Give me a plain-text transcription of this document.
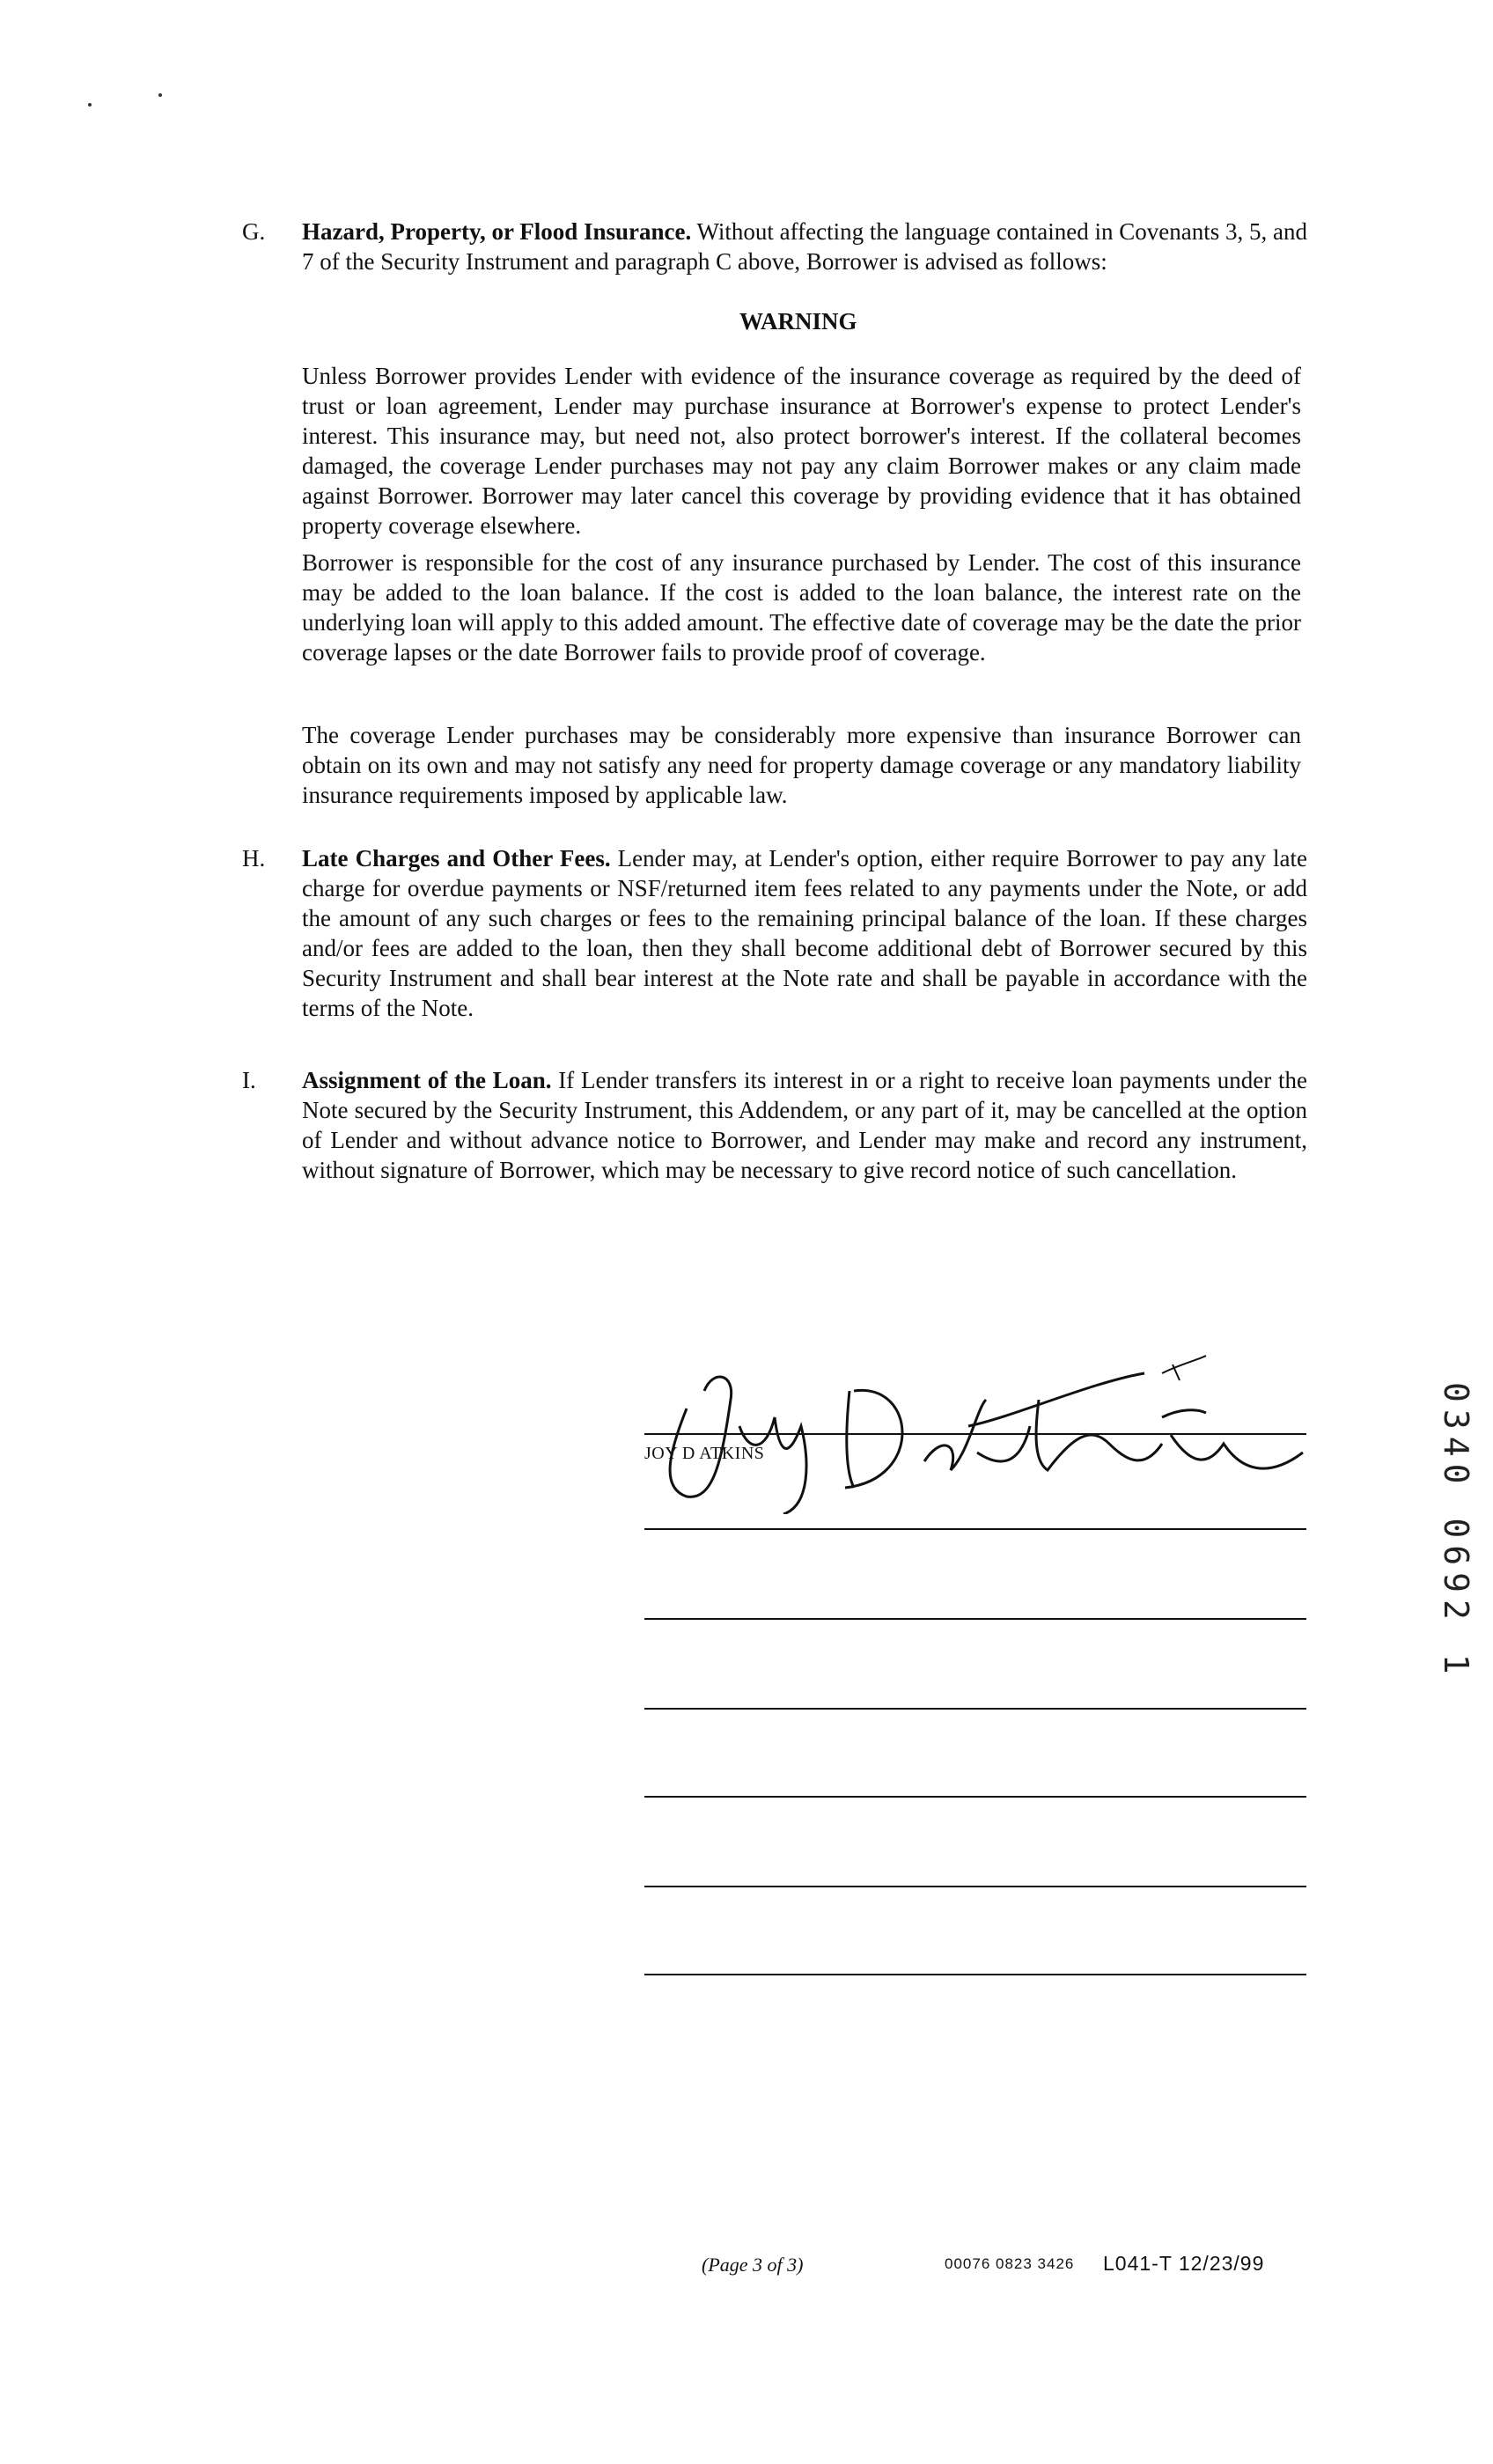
G.	Hazard, Property, or Flood Insurance. Without affecting the language contained in Covenants 3, 5, and 7 of the Security Instrument and paragraph C above, Borrower is advised as follows:
WARNING
Unless Borrower provides Lender with evidence of the insurance coverage as required by the deed of trust or loan agreement, Lender may purchase insurance at Borrower's expense to protect Lender's interest. This insurance may, but need not, also protect borrower's interest. If the collateral becomes damaged, the coverage Lender purchases may not pay any claim Borrower makes or any claim made against Borrower. Borrower may later cancel this coverage by providing evidence that it has obtained property coverage elsewhere.
Borrower is responsible for the cost of any insurance purchased by Lender. The cost of this insurance may be added to the loan balance. If the cost is added to the loan balance, the interest rate on the underlying loan will apply to this added amount. The effective date of coverage may be the date the prior coverage lapses or the date Borrower fails to provide proof of coverage.
The coverage Lender purchases may be considerably more expensive than insurance Borrower can obtain on its own and may not satisfy any need for property damage coverage or any mandatory liability insurance requirements imposed by applicable law.
H.	Late Charges and Other Fees. Lender may, at Lender's option, either require Borrower to pay any late charge for overdue payments or NSF/returned item fees related to any payments under the Note, or add the amount of any such charges or fees to the remaining principal balance of the loan. If these charges and/or fees are added to the loan, then they shall become additional debt of Borrower secured by this Security Instrument and shall bear interest at the Note rate and shall be payable in accordance with the terms of the Note.
I.	Assignment of the Loan. If Lender transfers its interest in or a right to receive loan payments under the Note secured by the Security Instrument, this Addendem, or any part of it, may be cancelled at the option of Lender and without advance notice to Borrower, and Lender may make and record any instrument, without signature of Borrower, which may be necessary to give record notice of such cancellation.
Joy D Atkins
JOY D ATKINS
(Page 3 of 3)	00076 0823 3426 L041-T 12/23/99
0340 0692 1
